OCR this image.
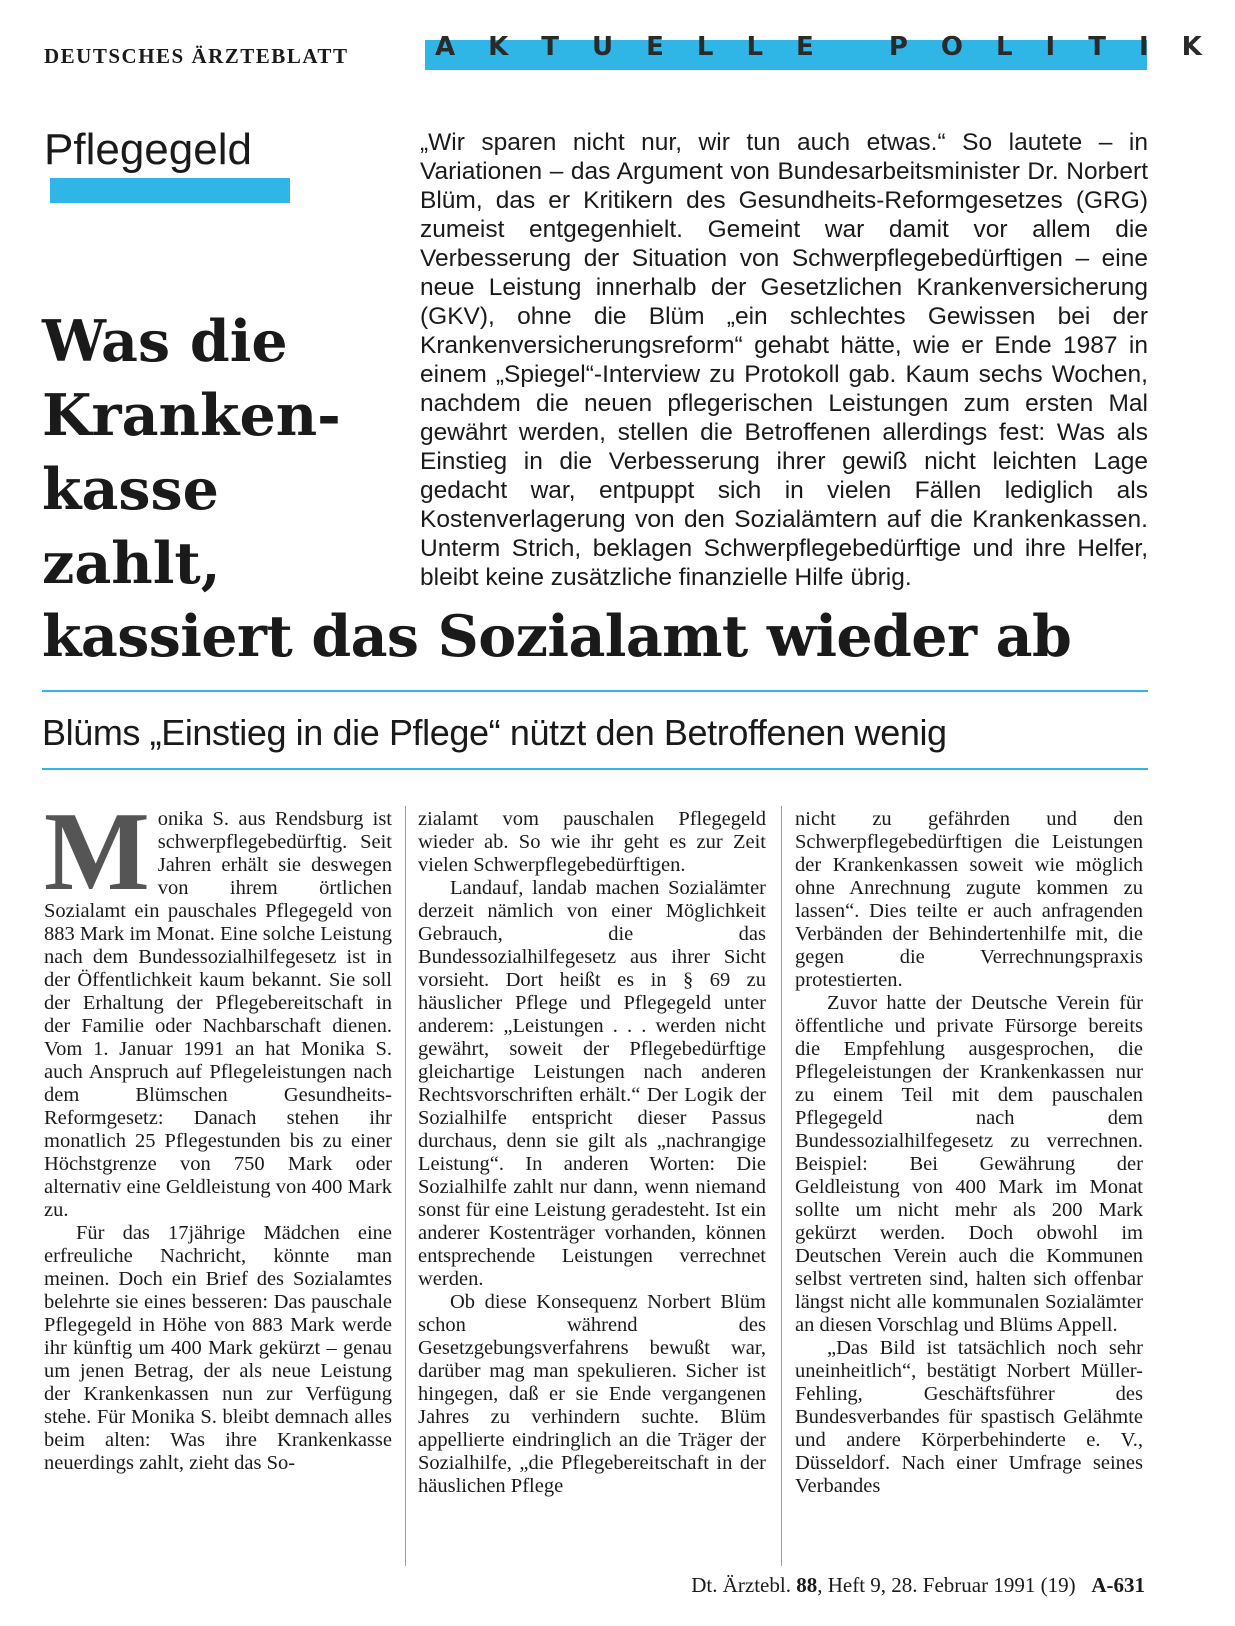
DEUTSCHES ÄRZTEBLATT	AKTUELLE POLITIK
Pflegegeld
Was die
Kranken-
kasse
zahlt,
kassiert das Sozialamt wieder ab
„Wir sparen nicht nur, wir tun auch etwas.“ So lautete – in Variationen – das Argument von Bundesarbeitsminister Dr. Norbert Blüm, das er Kritikern des Gesundheits-Reformgesetzes (GRG) zumeist entgegenhielt. Gemeint war damit vor allem die Verbesserung der Situation von Schwerpflegebedürftigen – eine neue Leistung innerhalb der Gesetzlichen Krankenversicherung (GKV), ohne die Blüm „ein schlechtes Gewissen bei der Krankenversicherungsreform“ gehabt hätte, wie er Ende 1987 in einem „Spiegel“-Interview zu Protokoll gab. Kaum sechs Wochen, nachdem die neuen pflegerischen Leistungen zum ersten Mal gewährt werden, stellen die Betroffenen allerdings fest: Was als Einstieg in die Verbesserung ihrer gewiß nicht leichten Lage gedacht war, entpuppt sich in vielen Fällen lediglich als Kostenverlagerung von den Sozialämtern auf die Krankenkassen. Unterm Strich, beklagen Schwerpflegebedürftige und ihre Helfer, bleibt keine zusätzliche finanzielle Hilfe übrig.
Blüms „Einstieg in die Pflege“ nützt den Betroffenen wenig
M onika S. aus Rendsburg ist schwerpflegebedürftig. Seit Jahren erhält sie deswegen von ihrem örtlichen Sozialamt ein pauschales Pflegegeld von 883 Mark im Monat. Eine solche Leistung nach dem Bundessozialhilfegesetz ist in der Öffentlichkeit kaum bekannt. Sie soll der Erhaltung der Pflegebereitschaft in der Familie oder Nachbarschaft dienen. Vom 1. Januar 1991 an hat Monika S. auch Anspruch auf Pflegeleistungen nach dem Blümschen Gesundheits-Reformgesetz: Danach stehen ihr monatlich 25 Pflegestunden bis zu einer Höchstgrenze von 750 Mark oder alternativ eine Geldleistung von 400 Mark zu.

Für das 17jährige Mädchen eine erfreuliche Nachricht, könnte man meinen. Doch ein Brief des Sozialamtes belehrte sie eines besseren: Das pauschale Pflegegeld in Höhe von 883 Mark werde ihr künftig um 400 Mark gekürzt – genau um jenen Betrag, der als neue Leistung der Krankenkassen nun zur Verfügung stehe. Für Monika S. bleibt demnach alles beim alten: Was ihre Krankenkasse neuerdings zahlt, zieht das So-

zialamt vom pauschalen Pflegegeld wieder ab. So wie ihr geht es zur Zeit vielen Schwerpflegebedürftigen.

Landauf, landab machen Sozialämter derzeit nämlich von einer Möglichkeit Gebrauch, die das Bundessozialhilfegesetz aus ihrer Sicht vorsieht. Dort heißt es in § 69 zu häuslicher Pflege und Pflegegeld unter anderem: „Leistungen . . . werden nicht gewährt, soweit der Pflegebedürftige gleichartige Leistungen nach anderen Rechtsvorschriften erhält.“ Der Logik der Sozialhilfe entspricht dieser Passus durchaus, denn sie gilt als „nachrangige Leistung“. In anderen Worten: Die Sozialhilfe zahlt nur dann, wenn niemand sonst für eine Leistung geradesteht. Ist ein anderer Kostenträger vorhanden, können entsprechende Leistungen verrechnet werden.

Ob diese Konsequenz Norbert Blüm schon während des Gesetzgebungsverfahrens bewußt war, darüber mag man spekulieren. Sicher ist hingegen, daß er sie Ende vergangenen Jahres zu verhindern suchte. Blüm appellierte eindringlich an die Träger der Sozialhilfe, „die Pflegebereitschaft in der häuslichen Pflege

nicht zu gefährden und den Schwerpflegebedürftigen die Leistungen der Krankenkassen soweit wie möglich ohne Anrechnung zugute kommen zu lassen“. Dies teilte er auch anfragenden Verbänden der Behindertenhilfe mit, die gegen die Verrechnungspraxis protestierten.

Zuvor hatte der Deutsche Verein für öffentliche und private Fürsorge bereits die Empfehlung ausgesprochen, die Pflegeleistungen der Krankenkassen nur zu einem Teil mit dem pauschalen Pflegegeld nach dem Bundessozialhilfegesetz zu verrechnen. Beispiel: Bei Gewährung der Geldleistung von 400 Mark im Monat sollte um nicht mehr als 200 Mark gekürzt werden. Doch obwohl im Deutschen Verein auch die Kommunen selbst vertreten sind, halten sich offenbar längst nicht alle kommunalen Sozialämter an diesen Vorschlag und Blüms Appell.

„Das Bild ist tatsächlich noch sehr uneinheitlich“, bestätigt Norbert Müller-Fehling, Geschäftsführer des Bundesverbandes für spastisch Gelähmte und andere Körperbehinderte e. V., Düsseldorf. Nach einer Umfrage seines Verbandes

Dt. Ärztebl. 88, Heft 9, 28. Februar 1991 (19) A-631
